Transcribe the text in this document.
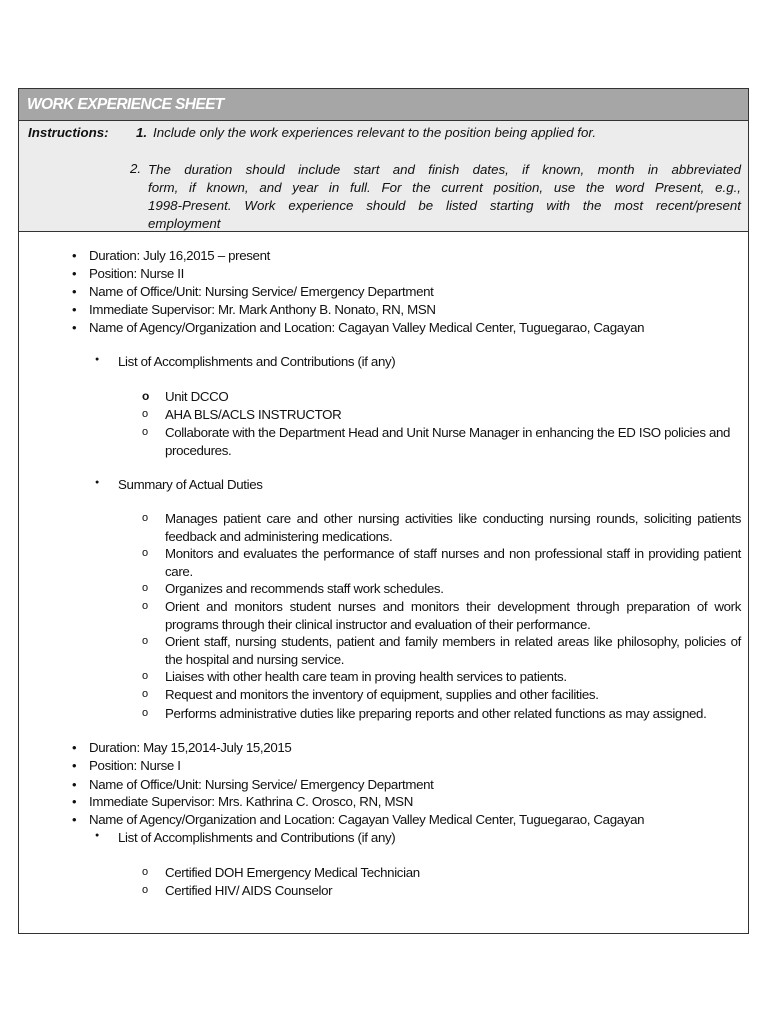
WORK EXPERIENCE SHEET
Instructions: 1. Include only the work experiences relevant to the position being applied for.
2. The duration should include start and finish dates, if known, month in abbreviated
form, if known, and year in full. For the current position, use the word Present, e.g.,
1998-Present. Work experience should be listed starting with the most recent/present
employment
• Duration: July 16,2015 – present
• Position: Nurse II
• Name of Office/Unit: Nursing Service/ Emergency Department
• Immediate Supervisor: Mr. Mark Anthony B. Nonato, RN, MSN
• Name of Agency/Organization and Location: Cagayan Valley Medical Center, Tuguegarao, Cagayan
● List of Accomplishments and Contributions (if any)
o Unit DCCO
o AHA BLS/ACLS INSTRUCTOR
o Collaborate with the Department Head and Unit Nurse Manager in enhancing the ED ISO policies and
procedures.
● Summary of Actual Duties
o Manages patient care and other nursing activities like conducting nursing rounds, soliciting patients
feedback and administering medications.
o Monitors and evaluates the performance of staff nurses and non professional staff in providing patient
care.
o Organizes and recommends staff work schedules.
o Orient and monitors student nurses and monitors their development through preparation of work
programs through their clinical instructor and evaluation of their performance.
o Orient staff, nursing students, patient and family members in related areas like philosophy, policies of
the hospital and nursing service.
o Liaises with other health care team in proving health services to patients.
o Request and monitors the inventory of equipment, supplies and other facilities.
o Performs administrative duties like preparing reports and other related functions as may assigned.
• Duration: May 15,2014-July 15,2015
• Position: Nurse I
• Name of Office/Unit: Nursing Service/ Emergency Department
• Immediate Supervisor: Mrs. Kathrina C. Orosco, RN, MSN
• Name of Agency/Organization and Location: Cagayan Valley Medical Center, Tuguegarao, Cagayan
● List of Accomplishments and Contributions (if any)
o Certified DOH Emergency Medical Technician
o Certified HIV/ AIDS Counselor
